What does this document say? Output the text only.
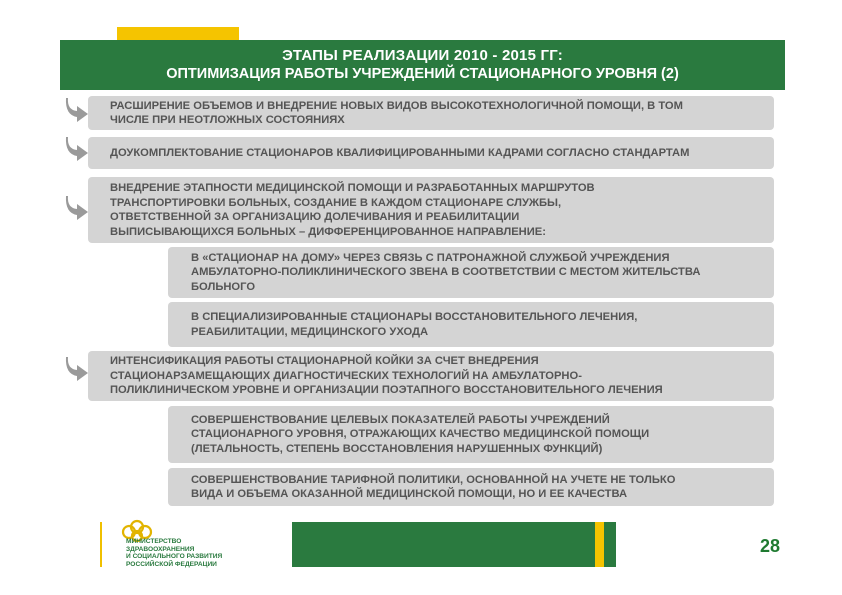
ЭТАПЫ РЕАЛИЗАЦИИ 2010 - 2015 ГГ:
ОПТИМИЗАЦИЯ РАБОТЫ УЧРЕЖДЕНИЙ СТАЦИОНАРНОГО УРОВНЯ (2)
РАСШИРЕНИЕ ОБЪЕМОВ И ВНЕДРЕНИЕ НОВЫХ ВИДОВ ВЫСОКОТЕХНОЛОГИЧНОЙ ПОМОЩИ, В ТОМ
ЧИСЛЕ ПРИ НЕОТЛОЖНЫХ СОСТОЯНИЯХ
ДОУКОМПЛЕКТОВАНИЕ СТАЦИОНАРОВ КВАЛИФИЦИРОВАННЫМИ КАДРАМИ СОГЛАСНО СТАНДАРТАМ
ВНЕДРЕНИЕ ЭТАПНОСТИ МЕДИЦИНСКОЙ ПОМОЩИ И РАЗРАБОТАННЫХ МАРШРУТОВ
ТРАНСПОРТИРОВКИ БОЛЬНЫХ, СОЗДАНИЕ В КАЖДОМ СТАЦИОНАРЕ СЛУЖБЫ,
ОТВЕТСТВЕННОЙ ЗА ОРГАНИЗАЦИЮ ДОЛЕЧИВАНИЯ И РЕАБИЛИТАЦИИ
ВЫПИСЫВАЮЩИХСЯ БОЛЬНЫХ – ДИФФЕРЕНЦИРОВАННОЕ НАПРАВЛЕНИЕ:
В «СТАЦИОНАР НА ДОМУ» ЧЕРЕЗ СВЯЗЬ С ПАТРОНАЖНОЙ СЛУЖБОЙ УЧРЕЖДЕНИЯ
АМБУЛАТОРНО-ПОЛИКЛИНИЧЕСКОГО ЗВЕНА В СООТВЕТСТВИИ С МЕСТОМ ЖИТЕЛЬСТВА
БОЛЬНОГО
В СПЕЦИАЛИЗИРОВАННЫЕ СТАЦИОНАРЫ ВОССТАНОВИТЕЛЬНОГО ЛЕЧЕНИЯ,
РЕАБИЛИТАЦИИ, МЕДИЦИНСКОГО УХОДА
ИНТЕНСИФИКАЦИЯ РАБОТЫ СТАЦИОНАРНОЙ КОЙКИ ЗА СЧЕТ ВНЕДРЕНИЯ
СТАЦИОНАРЗАМЕЩАЮЩИХ ДИАГНОСТИЧЕСКИХ ТЕХНОЛОГИЙ НА АМБУЛАТОРНО-
ПОЛИКЛИНИЧЕСКОМ УРОВНЕ И ОРГАНИЗАЦИИ ПОЭТАПНОГО ВОССТАНОВИТЕЛЬНОГО ЛЕЧЕНИЯ
СОВЕРШЕНСТВОВАНИЕ ЦЕЛЕВЫХ ПОКАЗАТЕЛЕЙ РАБОТЫ УЧРЕЖДЕНИЙ
СТАЦИОНАРНОГО УРОВНЯ, ОТРАЖАЮЩИХ КАЧЕСТВО МЕДИЦИНСКОЙ ПОМОЩИ
(ЛЕТАЛЬНОСТЬ, СТЕПЕНЬ ВОССТАНОВЛЕНИЯ НАРУШЕННЫХ ФУНКЦИЙ)
СОВЕРШЕНСТВОВАНИЕ ТАРИФНОЙ ПОЛИТИКИ, ОСНОВАННОЙ НА УЧЕТЕ НЕ ТОЛЬКО
ВИДА И ОБЪЕМА ОКАЗАННОЙ МЕДИЦИНСКОЙ ПОМОЩИ, НО И ЕЕ КАЧЕСТВА
МИНИСТЕРСТВО
ЗДРАВООХРАНЕНИЯ
И СОЦИАЛЬНОГО РАЗВИТИЯ
РОССИЙСКОЙ ФЕДЕРАЦИИ
28
